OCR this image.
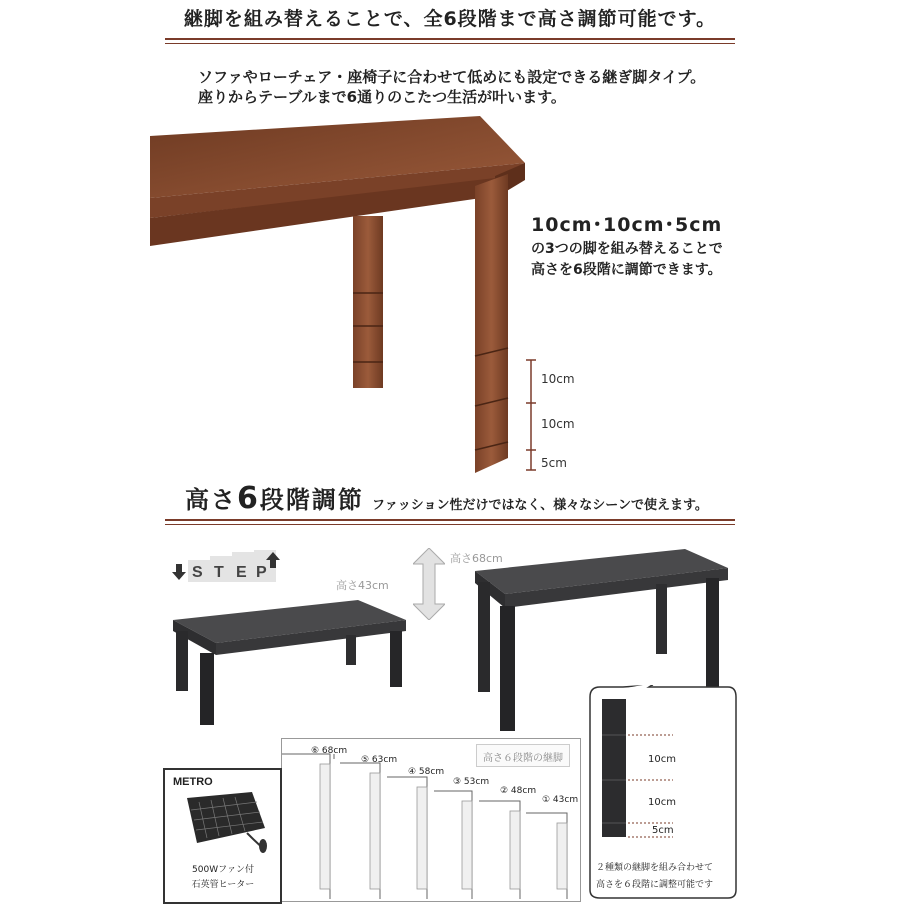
継脚を組み替えることで、全6段階まで高さ調節可能です。
ソファやローチェア・座椅子に合わせて低めにも設定できる継ぎ脚タイプ。
座りからテーブルまで6通りのこたつ生活が叶います。
10cm･10cm･5cm
の3つの脚を組み替えることで
高さを6段階に調節できます。
10cm
10cm
5cm
高さ6段階調節 ファッション性だけではなく、様々なシーンで使えます。
S T E P
高さ43cm
高さ68cm
高さ６段階の継脚
⑥ 68cm
⑤ 63cm
④ 58cm
③ 53cm
② 48cm
① 43cm
METRO
500Wファン付
石英管ヒーター
10cm
10cm
5cm
２種類の継脚を組み合わせて
高さを６段階に調整可能です
